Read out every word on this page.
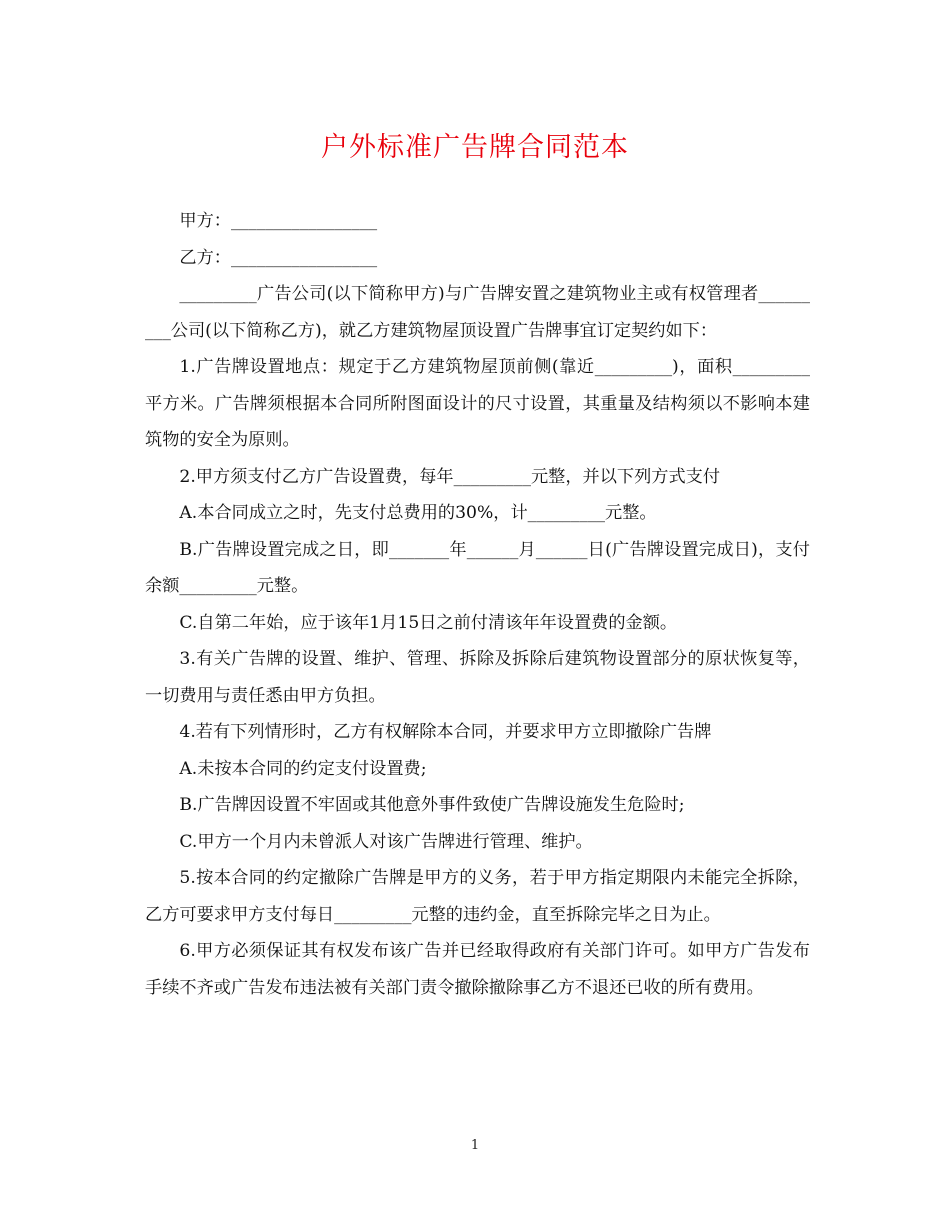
户外标准广告牌合同范本

甲方：_________________

乙方：_________________

_________广告公司(以下简称甲方)与广告牌安置之建筑物业主或有权管理者_________公司(以下简称乙方)，就乙方建筑物屋顶设置广告牌事宜订定契约如下：

1.广告牌设置地点：规定于乙方建筑物屋顶前侧(靠近_________)，面积_________平方米。广告牌须根据本合同所附图面设计的尺寸设置，其重量及结构须以不影响本建筑物的安全为原则。

2.甲方须支付乙方广告设置费，每年_________元整，并以下列方式支付

A.本合同成立之时，先支付总费用的30%，计_________元整。

B.广告牌设置完成之日，即_______年______月______日(广告牌设置完成日)，支付余额_________元整。

C.自第二年始，应于该年1月15日之前付清该年年设置费的金额。

3.有关广告牌的设置、维护、管理、拆除及拆除后建筑物设置部分的原状恢复等，一切费用与责任悉由甲方负担。

4.若有下列情形时，乙方有权解除本合同，并要求甲方立即撤除广告牌

A.未按本合同的约定支付设置费;

B.广告牌因设置不牢固或其他意外事件致使广告牌设施发生危险时;

C.甲方一个月内未曾派人对该广告牌进行管理、维护。

5.按本合同的约定撤除广告牌是甲方的义务，若于甲方指定期限内未能完全拆除，乙方可要求甲方支付每日_________元整的违约金，直至拆除完毕之日为止。

6.甲方必须保证其有权发布该广告并已经取得政府有关部门许可。如甲方广告发布手续不齐或广告发布违法被有关部门责令撤除撤除事乙方不退还已收的所有费用。

1
